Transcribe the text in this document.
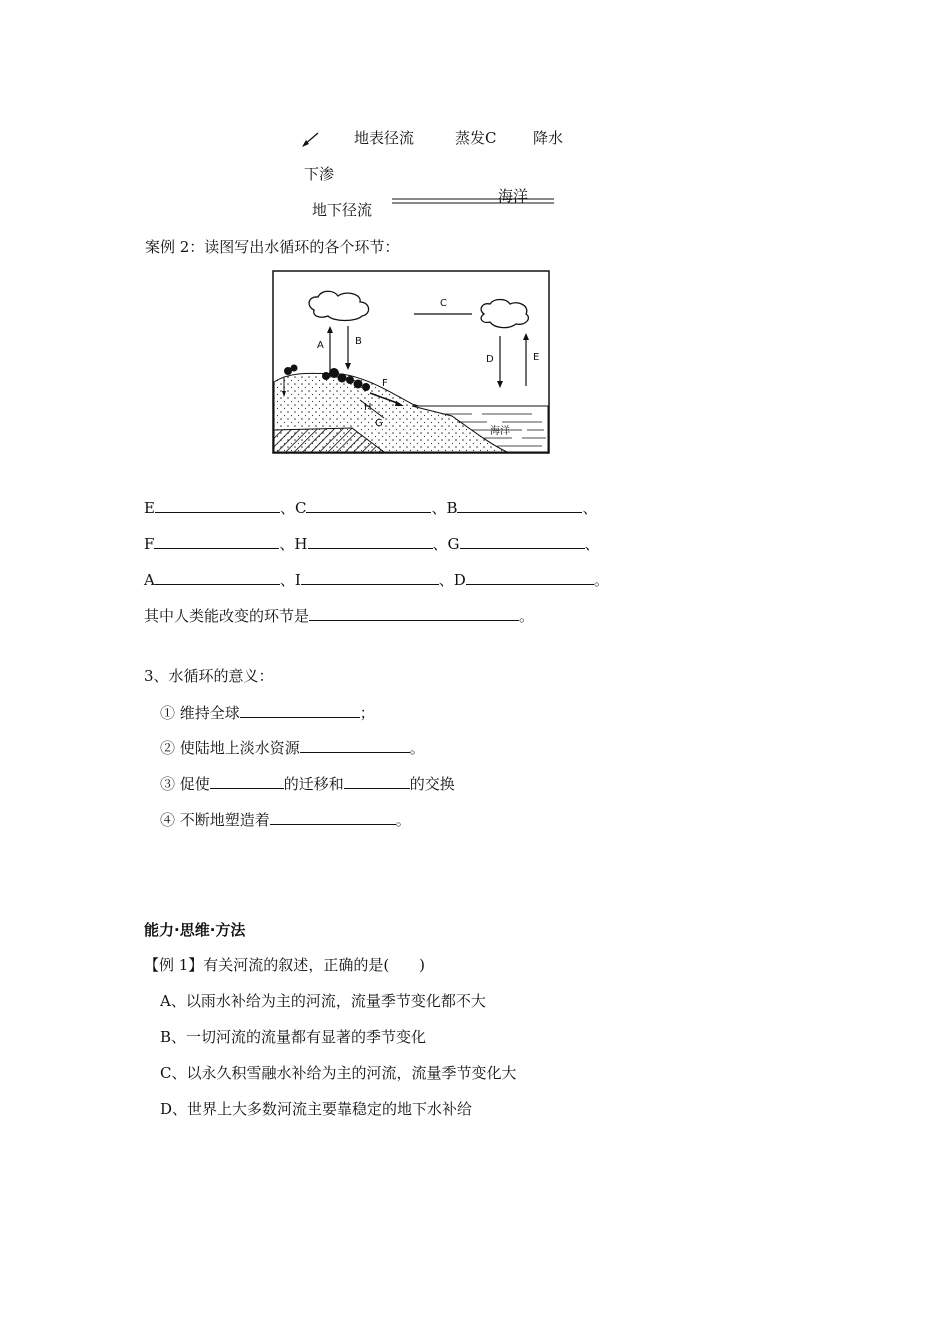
地表径流	蒸发C 降水
下渗
地下径流
海洋
案例 2：读图写出水循环的各个环节：
A	B
C
D	E
F
G
H
海洋
E	、C	、B	、
F	、H	、G	、
A	、I	、D	。
其中人类能改变的环节是	。
3、水循环的意义：
① 维持全球	；
② 使陆地上淡水资源	。
③ 促使	的迁移和	的交换
④ 不断地塑造着	。
能力·思维·方法
【例 1】有关河流的叙述，正确的是(　　)
A、以雨水补给为主的河流，流量季节变化都不大
B、一切河流的流量都有显著的季节变化
C、以永久积雪融水补给为主的河流，流量季节变化大
D、世界上大多数河流主要靠稳定的地下水补给
